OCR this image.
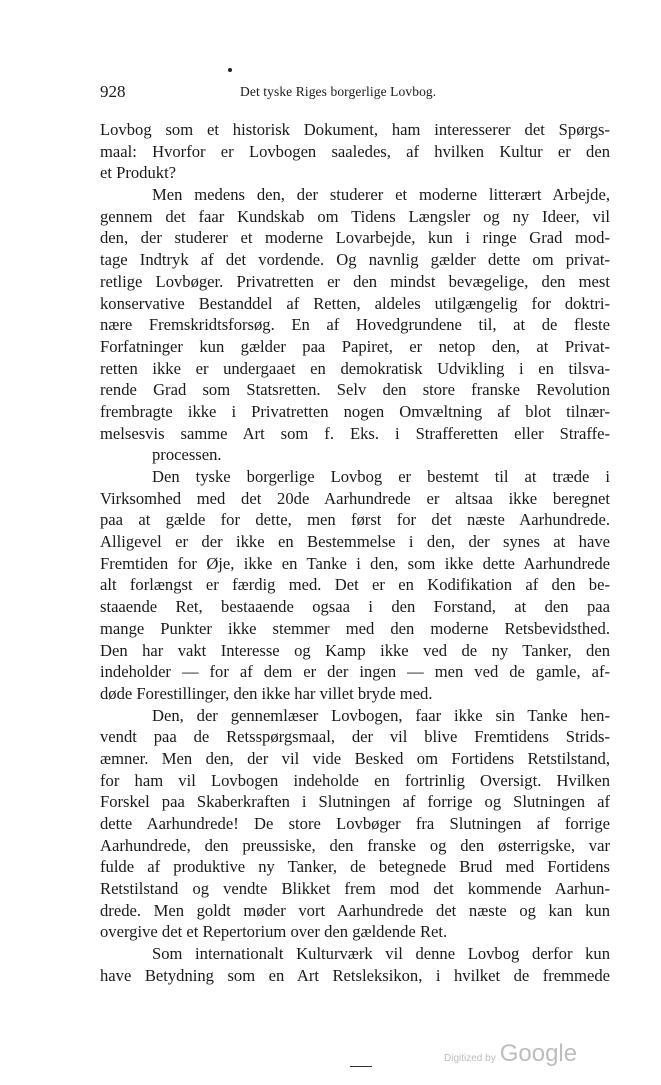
928	Det tyske Riges borgerlige Lovbog.
Lovbog som et historisk Dokument, ham interesserer det Spørgs-
maal: Hvorfor er Lovbogen saaledes, af hvilken Kultur er den
et Produkt?
Men medens den, der studerer et moderne litterært Arbejde,
gennem det faar Kundskab om Tidens Længsler og ny Ideer, vil
den, der studerer et moderne Lovarbejde, kun i ringe Grad mod-
tage Indtryk af det vordende. Og navnlig gælder dette om privat-
retlige Lovbøger. Privatretten er den mindst bevægelige, den mest
konservative Bestanddel af Retten, aldeles utilgængelig for doktri-
nære Fremskridtsforsøg. En af Hovedgrundene til, at de fleste
Forfatninger kun gælder paa Papiret, er netop den, at Privat-
retten ikke er undergaaet en demokratisk Udvikling i en tilsva-
rende Grad som Statsretten. Selv den store franske Revolution
frembragte ikke i Privatretten nogen Omvæltning af blot tilnær-
melsesvis samme Art som f. Eks. i Strafferetten eller Straffe-
processen.
Den tyske borgerlige Lovbog er bestemt til at træde i
Virksomhed med det 20de Aarhundrede er altsaa ikke beregnet
paa at gælde for dette, men først for det næste Aarhundrede.
Alligevel er der ikke en Bestemmelse i den, der synes at have
Fremtiden for Øje, ikke en Tanke i den, som ikke dette Aarhundrede
alt forlængst er færdig med. Det er en Kodifikation af den be-
staaende Ret, bestaaende ogsaa i den Forstand, at den paa
mange Punkter ikke stemmer med den moderne Retsbevidsthed.
Den har vakt Interesse og Kamp ikke ved de ny Tanker, den
indeholder — for af dem er der ingen — men ved de gamle, af-
døde Forestillinger, den ikke har villet bryde med.
Den, der gennemlæser Lovbogen, faar ikke sin Tanke hen-
vendt paa de Retsspørgsmaal, der vil blive Fremtidens Strids-
æmner. Men den, der vil vide Besked om Fortidens Retstilstand,
for ham vil Lovbogen indeholde en fortrinlig Oversigt. Hvilken
Forskel paa Skaberkraften i Slutningen af forrige og Slutningen af
dette Aarhundrede! De store Lovbøger fra Slutningen af forrige
Aarhundrede, den preussiske, den franske og den østerrigske, var
fulde af produktive ny Tanker, de betegnede Brud med Fortidens
Retstilstand og vendte Blikket frem mod det kommende Aarhun-
drede. Men goldt møder vort Aarhundrede det næste og kan kun
overgive det et Repertorium over den gældende Ret.
Som internationalt Kulturværk vil denne Lovbog derfor kun
have Betydning som en Art Retsleksikon, i hvilket de fremmede
Digitized by Google
